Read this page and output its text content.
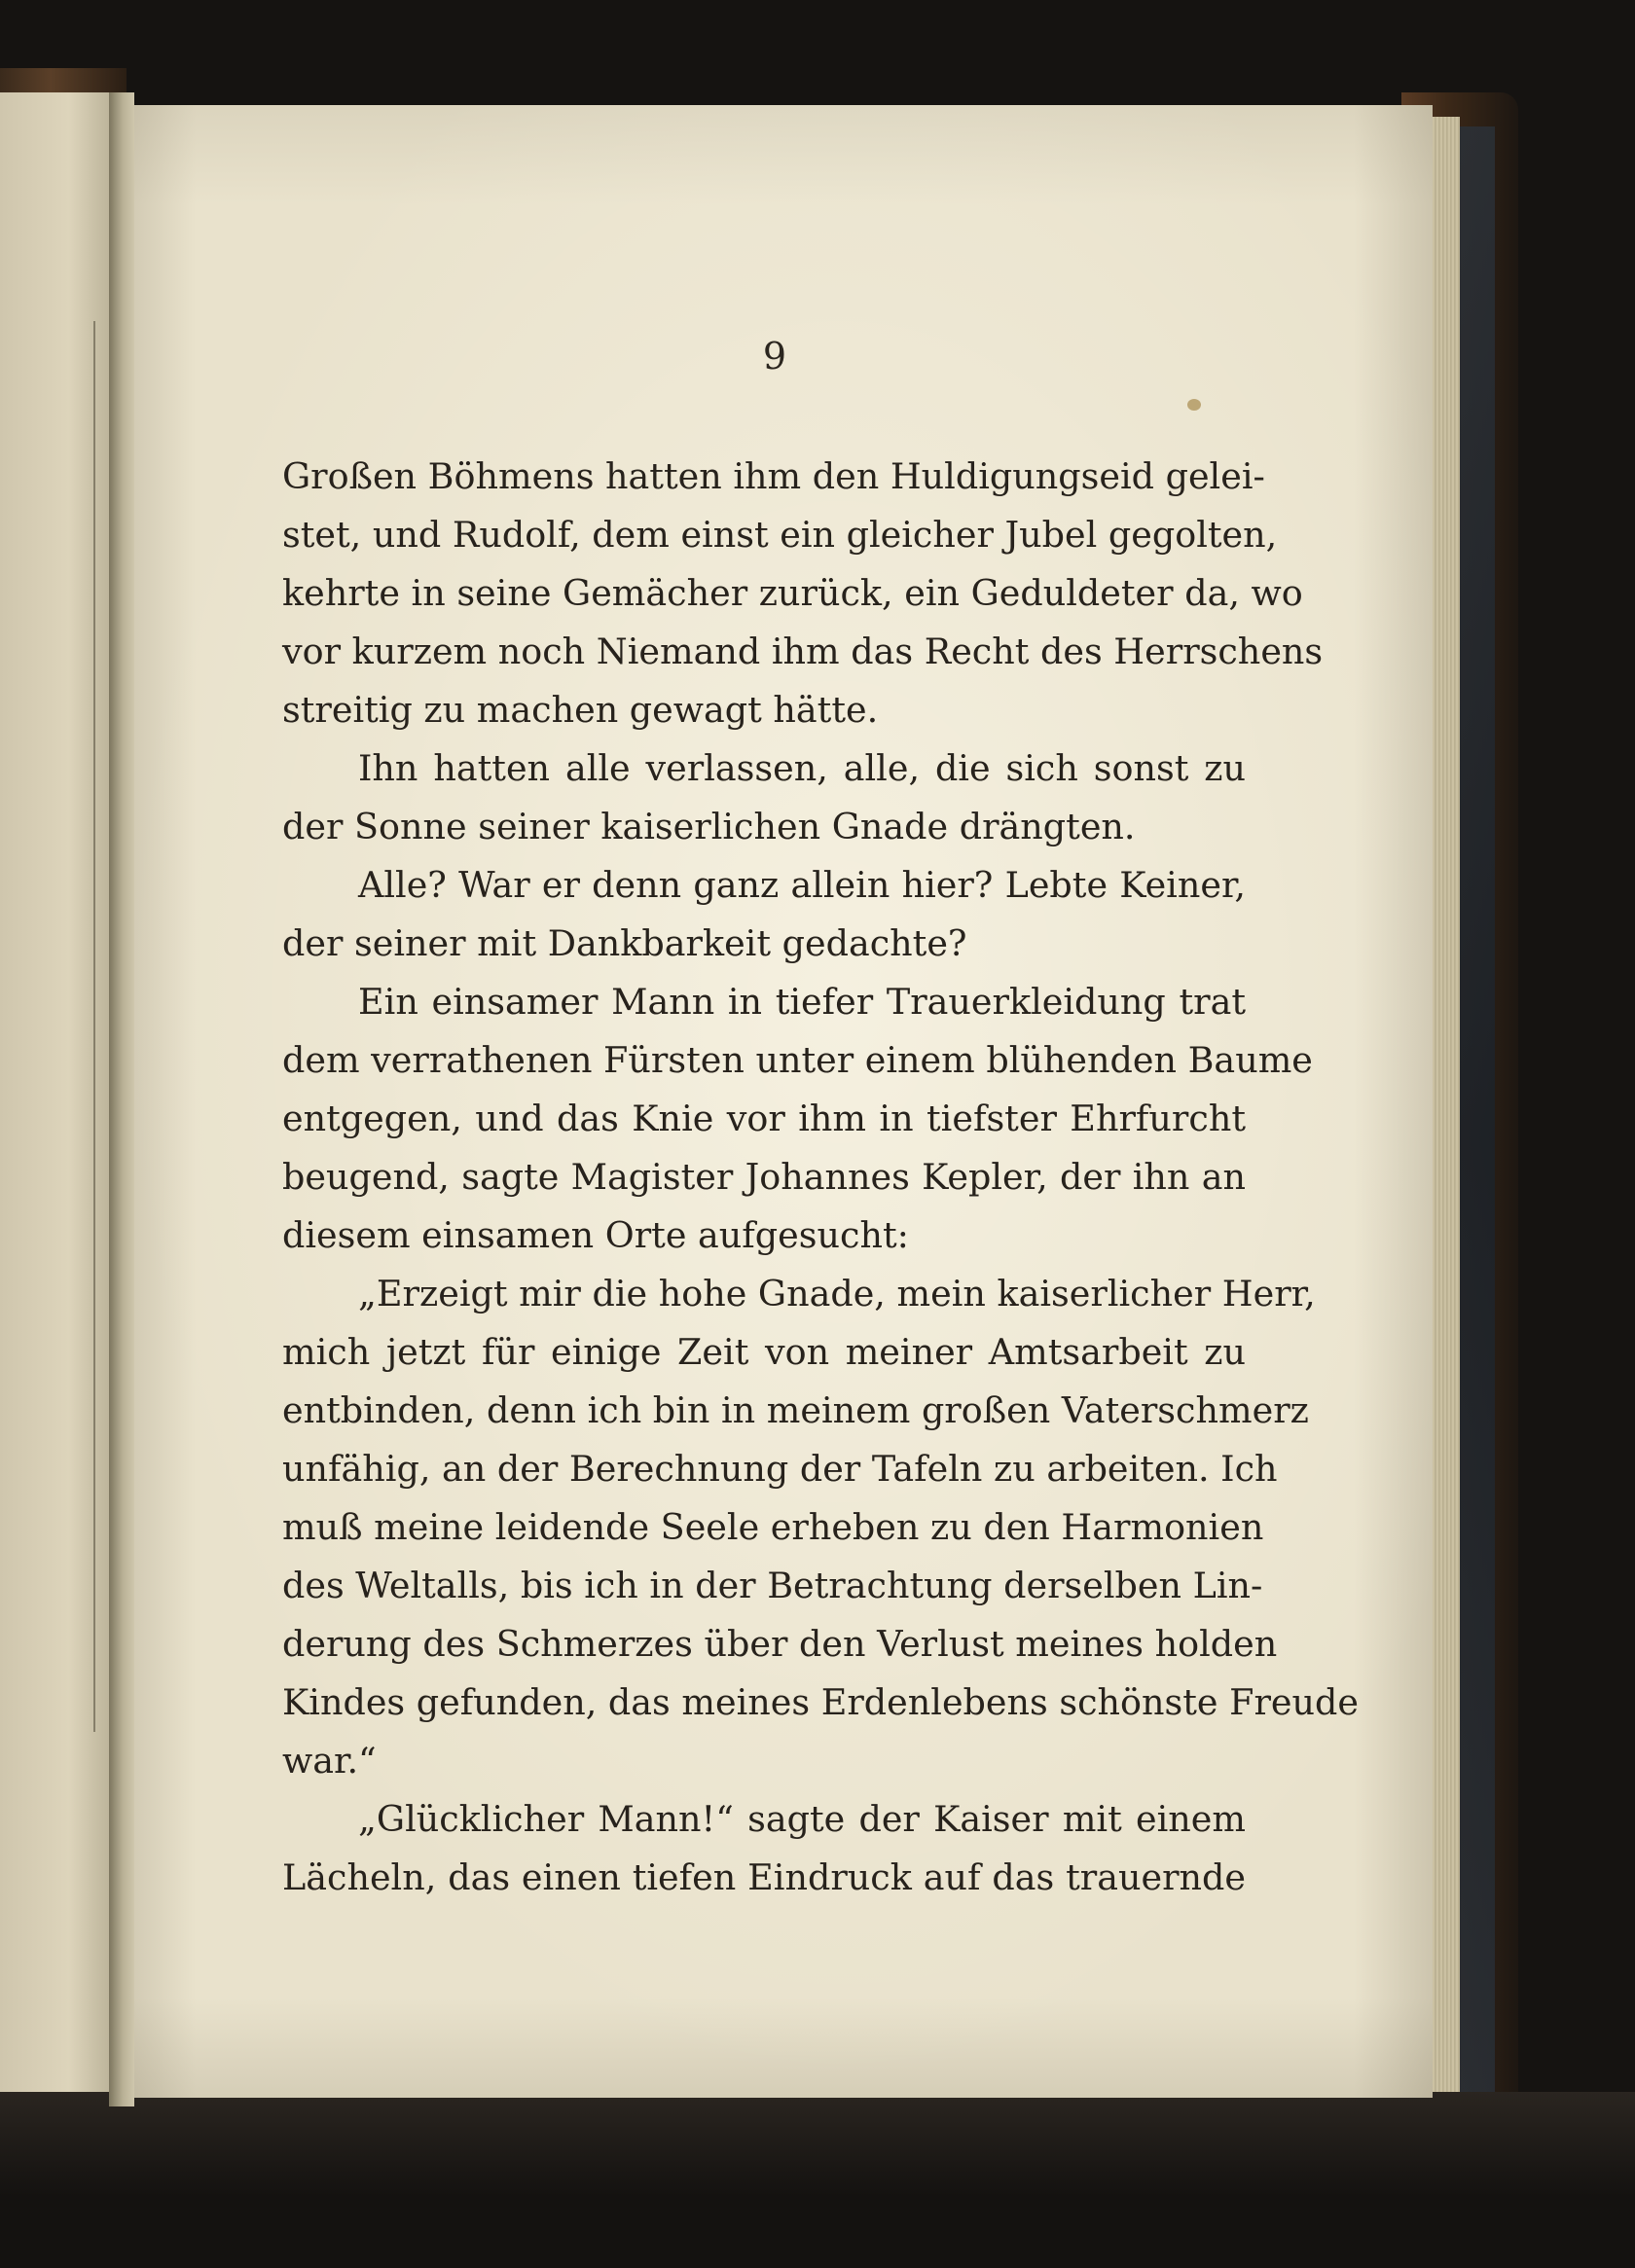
9
Großen Böhmens hatten ihm den Huldigungseid gelei-
stet, und Rudolf, dem einst ein gleicher Jubel gegolten,
kehrte in seine Gemächer zurück, ein Geduldeter da, wo
vor kurzem noch Niemand ihm das Recht des Herrschens
streitig zu machen gewagt hätte.
Ihn hatten alle verlassen, alle, die sich sonst zu
der Sonne seiner kaiserlichen Gnade drängten.
Alle? War er denn ganz allein hier? Lebte Keiner,
der seiner mit Dankbarkeit gedachte?
Ein einsamer Mann in tiefer Trauerkleidung trat
dem verrathenen Fürsten unter einem blühenden Baume
entgegen, und das Knie vor ihm in tiefster Ehrfurcht
beugend, sagte Magister Johannes Kepler, der ihn an
diesem einsamen Orte aufgesucht:
„Erzeigt mir die hohe Gnade, mein kaiserlicher Herr,
mich jetzt für einige Zeit von meiner Amtsarbeit zu
entbinden, denn ich bin in meinem großen Vaterschmerz
unfähig, an der Berechnung der Tafeln zu arbeiten. Ich
muß meine leidende Seele erheben zu den Harmonien
des Weltalls, bis ich in der Betrachtung derselben Lin-
derung des Schmerzes über den Verlust meines holden
Kindes gefunden, das meines Erdenlebens schönste Freude
war.“
„Glücklicher Mann!“ sagte der Kaiser mit einem
Lächeln, das einen tiefen Eindruck auf das trauernde
